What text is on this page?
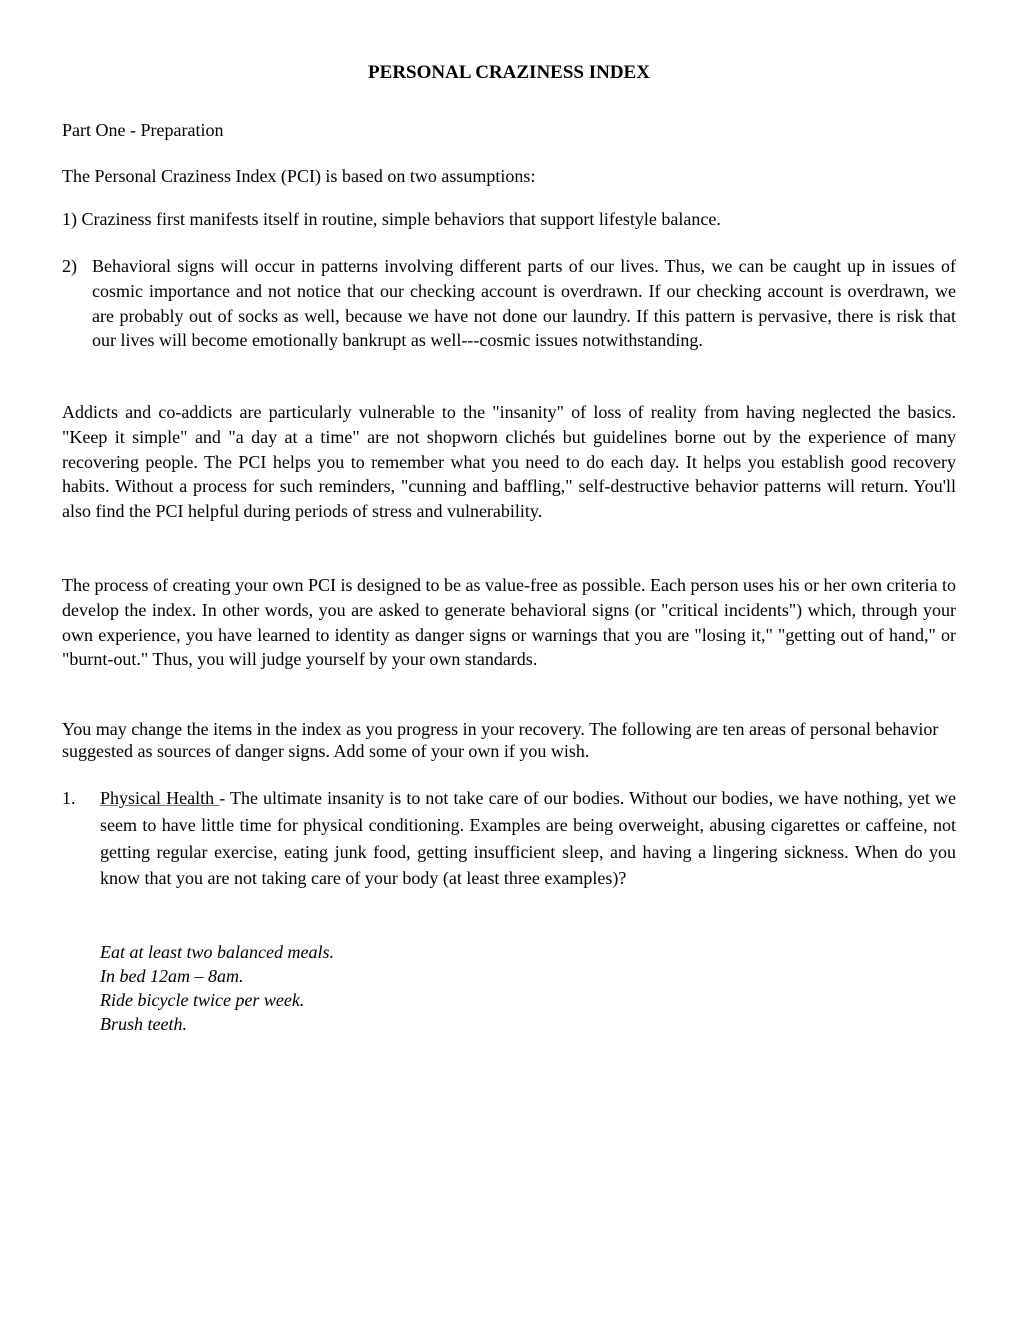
PERSONAL CRAZINESS INDEX

Part One - Preparation

The Personal Craziness Index (PCI) is based on two assumptions:

1) Craziness first manifests itself in routine, simple behaviors that support lifestyle balance.
2) Behavioral signs will occur in patterns involving different parts of our lives. Thus, we can be caught up in issues of cosmic importance and not notice that our checking account is overdrawn. If our checking account is overdrawn, we are probably out of socks as well, because we have not done our laundry. If this pattern is pervasive, there is risk that our lives will become emotionally bankrupt as well---cosmic issues notwithstanding.

Addicts and co-addicts are particularly vulnerable to the "insanity" of loss of reality from having neglected the basics. "Keep it simple" and "a day at a time" are not shopworn clichés but guidelines borne out by the experience of many recovering people. The PCI helps you to remember what you need to do each day. It helps you establish good recovery habits. Without a process for such reminders, "cunning and baffling," self-destructive behavior patterns will return. You'll also find the PCI helpful during periods of stress and vulnerability.

The process of creating your own PCI is designed to be as value-free as possible. Each person uses his or her own criteria to develop the index. In other words, you are asked to generate behavioral signs (or "critical incidents") which, through your own experience, you have learned to identity as danger signs or warnings that you are "losing it," "getting out of hand," or "burnt-out." Thus, you will judge yourself by your own standards.

You may change the items in the index as you progress in your recovery. The following are ten areas of personal behavior suggested as sources of danger signs. Add some of your own if you wish.

1. Physical Health - The ultimate insanity is to not take care of our bodies. Without our bodies, we have nothing, yet we seem to have little time for physical conditioning. Examples are being overweight, abusing cigarettes or caffeine, not getting regular exercise, eating junk food, getting insufficient sleep, and having a lingering sickness. When do you know that you are not taking care of your body (at least three examples)?
Eat at least two balanced meals.
In bed 12am – 8am.
Ride bicycle twice per week.
Brush teeth.
